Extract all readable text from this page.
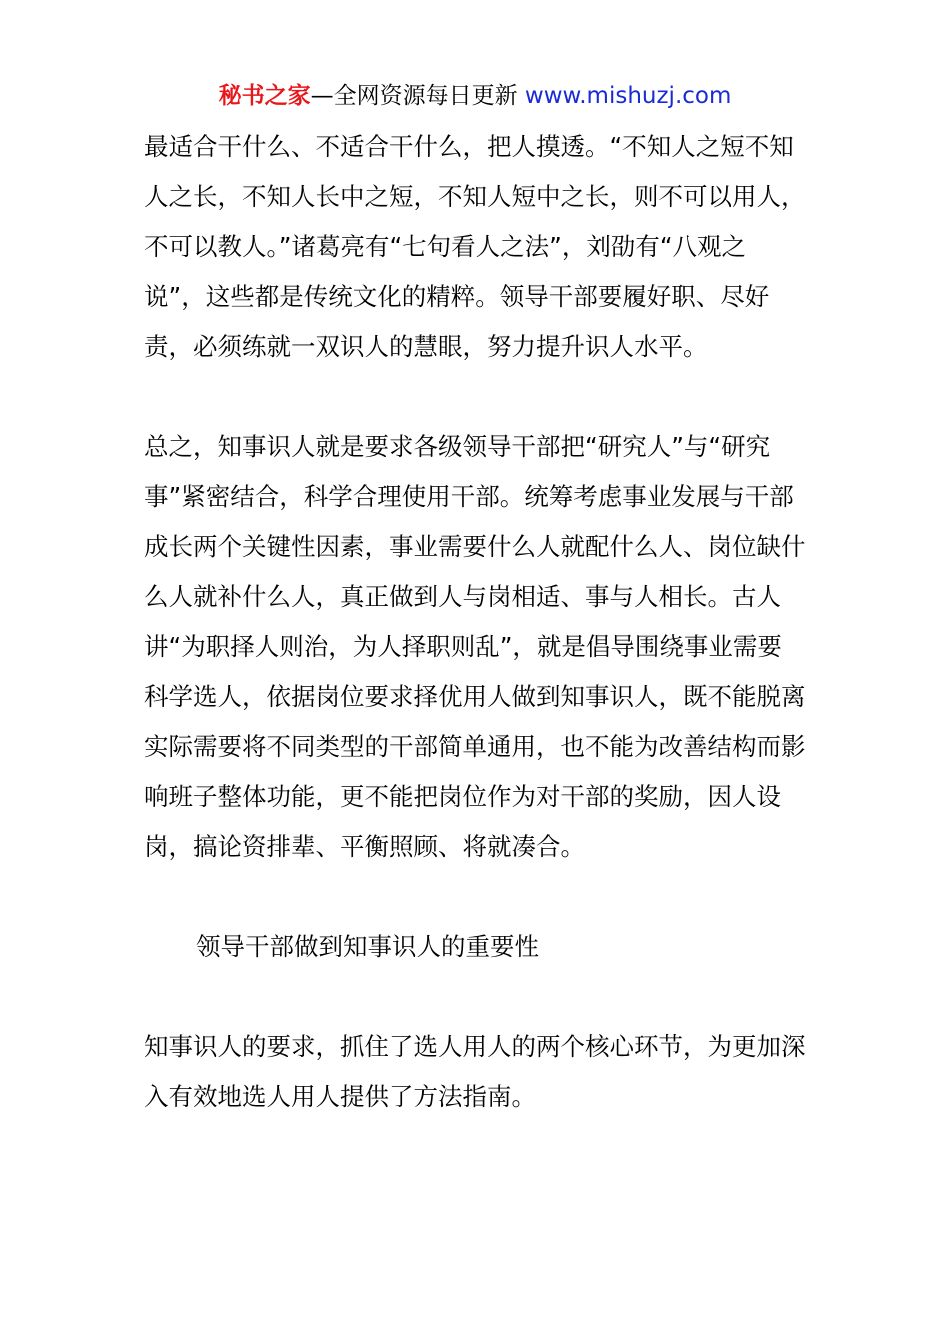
秘书之家—全网资源每日更新 www.mishuzj.com

最适合干什么、不适合干什么，把人摸透。“不知人之短不知人之长，不知人长中之短，不知人短中之长，则不可以用人，不可以教人。”诸葛亮有“七句看人之法”，刘劭有“八观之说”，这些都是传统文化的精粹。领导干部要履好职、尽好责，必须练就一双识人的慧眼，努力提升识人水平。

总之，知事识人就是要求各级领导干部把“研究人”与“研究事”紧密结合，科学合理使用干部。统筹考虑事业发展与干部成长两个关键性因素，事业需要什么人就配什么人、岗位缺什么人就补什么人，真正做到人与岗相适、事与人相长。古人讲“为职择人则治，为人择职则乱”，就是倡导围绕事业需要科学选人，依据岗位要求择优用人做到知事识人，既不能脱离实际需要将不同类型的干部简单通用，也不能为改善结构而影响班子整体功能，更不能把岗位作为对干部的奖励，因人设岗，搞论资排辈、平衡照顾、将就凑合。

领导干部做到知事识人的重要性

知事识人的要求，抓住了选人用人的两个核心环节，为更加深入有效地选人用人提供了方法指南。
